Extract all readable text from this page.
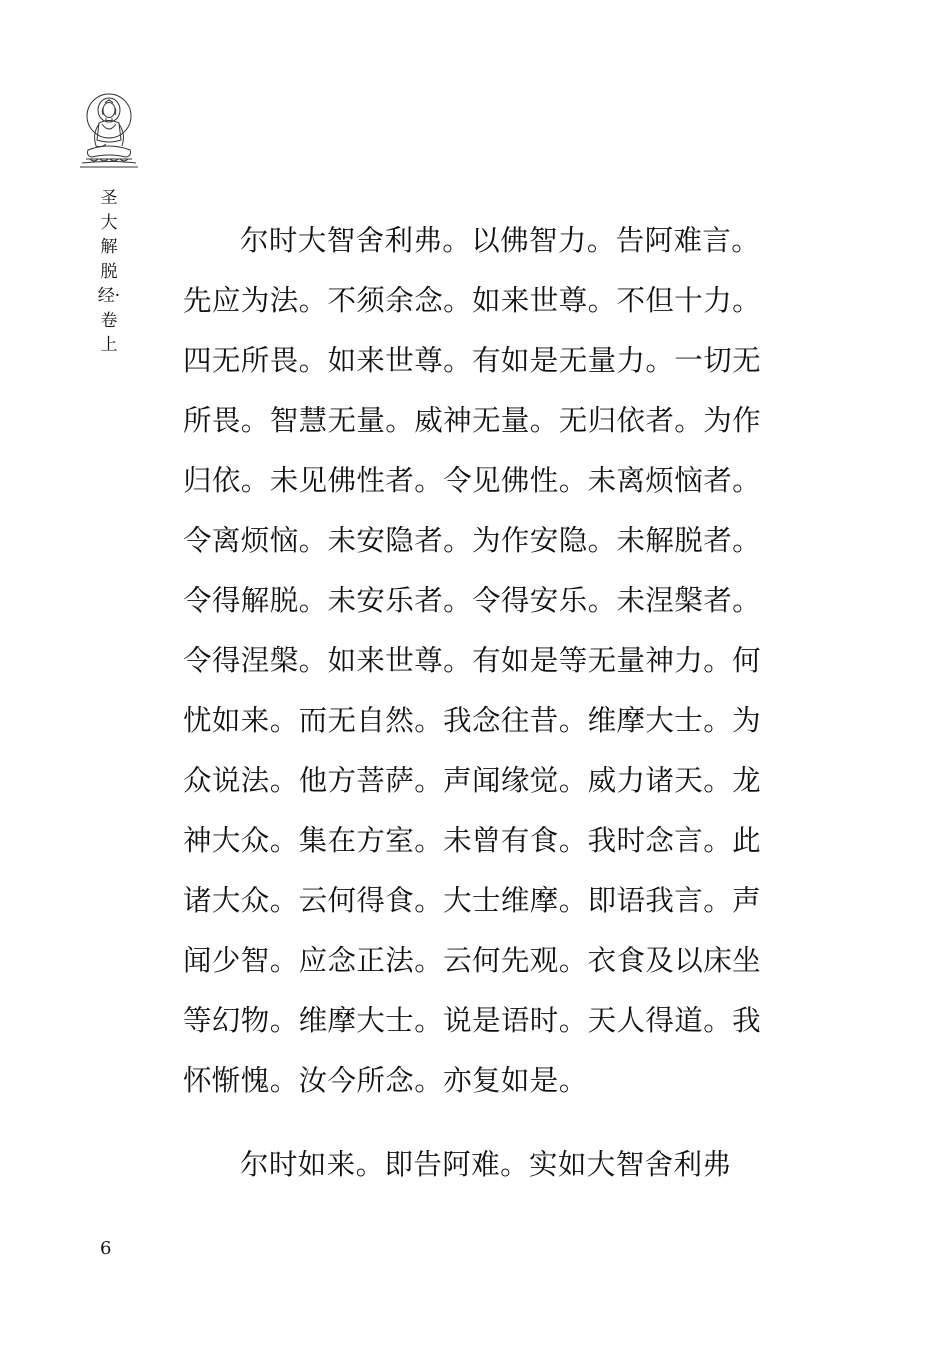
圣大解脱经·卷上

尔时大智舍利弗。以佛智力。告阿难言。先应为法。不须余念。如来世尊。不但十力。四无所畏。如来世尊。有如是无量力。一切无所畏。智慧无量。威神无量。无归依者。为作归依。未见佛性者。令见佛性。未离烦恼者。令离烦恼。未安隐者。为作安隐。未解脱者。令得解脱。未安乐者。令得安乐。未涅槃者。令得涅槃。如来世尊。有如是等无量神力。何忧如来。而无自然。我念往昔。维摩大士。为众说法。他方菩萨。声闻缘觉。威力诸天。龙神大众。集在方室。未曾有食。我时念言。此诸大众。云何得食。大士维摩。即语我言。声闻少智。应念正法。云何先观。衣食及以床坐等幻物。维摩大士。说是语时。天人得道。我怀惭愧。汝今所念。亦复如是。

尔时如来。即告阿难。实如大智舍利弗

6
